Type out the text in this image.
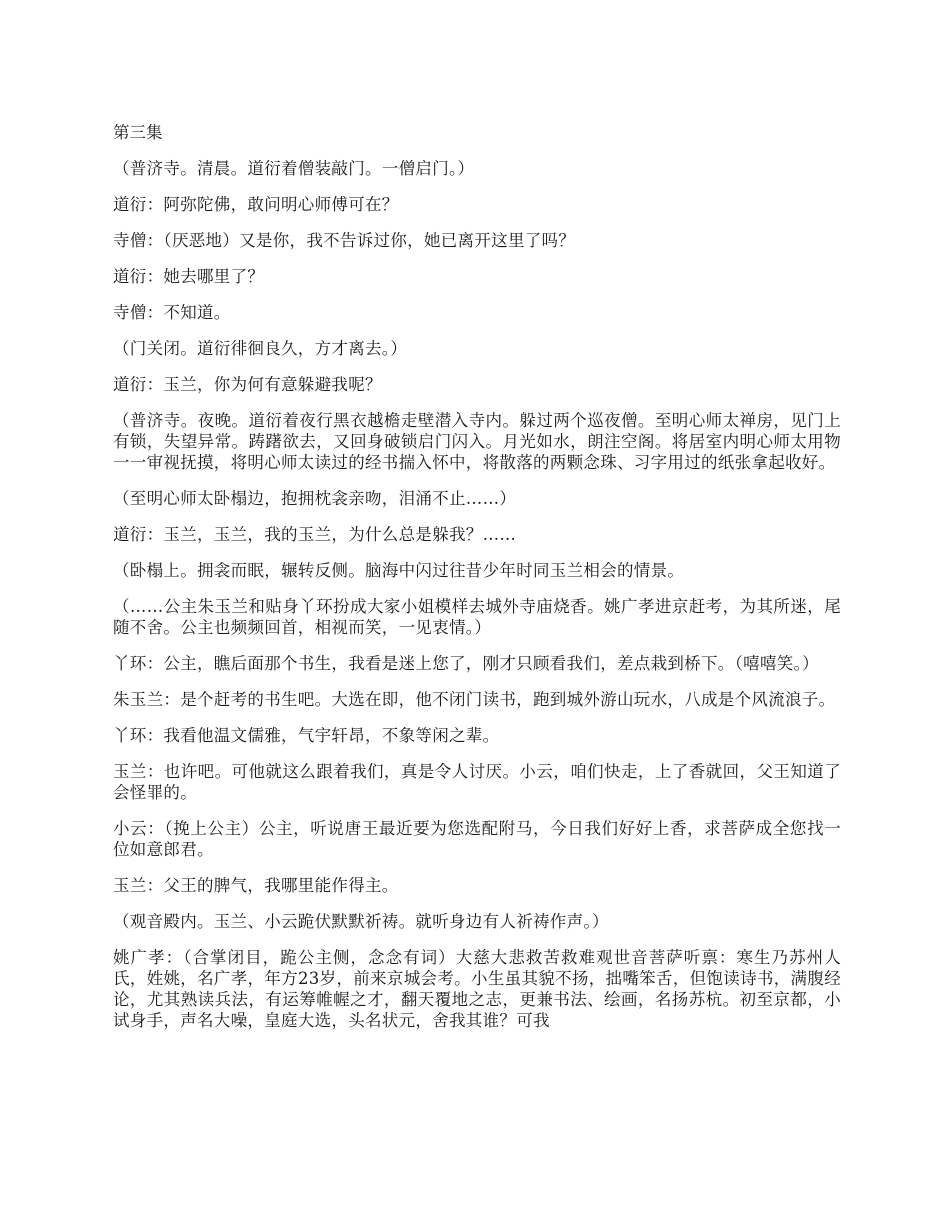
第三集

（普济寺。清晨。道衍着僧装敲门。一僧启门。）

道衍：阿弥陀佛，敢问明心师傅可在？

寺僧：（厌恶地）又是你，我不告诉过你，她已离开这里了吗？

道衍：她去哪里了？

寺僧：不知道。

（门关闭。道衍徘徊良久，方才离去。）

道衍：玉兰，你为何有意躲避我呢？

（普济寺。夜晚。道衍着夜行黑衣越檐走壁潜入寺内。躲过两个巡夜僧。至明心师太禅房，见门上有锁，失望异常。踌躇欲去，又回身破锁启门闪入。月光如水，朗注空阁。将居室内明心师太用物一一审视抚摸，将明心师太读过的经书揣入怀中，将散落的两颗念珠、习字用过的纸张拿起收好。

（至明心师太卧榻边，抱拥枕衾亲吻，泪涌不止……）

道衍：玉兰，玉兰，我的玉兰，为什么总是躲我？……

（卧榻上。拥衾而眠，辗转反侧。脑海中闪过往昔少年时同玉兰相会的情景。

（……公主朱玉兰和贴身丫环扮成大家小姐模样去城外寺庙烧香。姚广孝进京赶考，为其所迷，尾随不舍。公主也频频回首，相视而笑，一见衷情。）

丫环：公主，瞧后面那个书生，我看是迷上您了，刚才只顾看我们，差点栽到桥下。（嘻嘻笑。）

朱玉兰：是个赶考的书生吧。大选在即，他不闭门读书，跑到城外游山玩水，八成是个风流浪子。

丫环：我看他温文儒雅，气宇轩昂，不象等闲之辈。

玉兰：也许吧。可他就这么跟着我们，真是令人讨厌。小云，咱们快走，上了香就回，父王知道了会怪罪的。

小云：（挽上公主）公主，听说唐王最近要为您选配附马，今日我们好好上香，求菩萨成全您找一位如意郎君。

玉兰：父王的脾气，我哪里能作得主。

（观音殿内。玉兰、小云跪伏默默祈祷。就听身边有人祈祷作声。）

姚广孝：（合掌闭目，跪公主侧，念念有词）大慈大悲救苦救难观世音菩萨听禀：寒生乃苏州人氏，姓姚，名广孝，年方23岁，前来京城会考。小生虽其貌不扬，拙嘴笨舌，但饱读诗书，满腹经论，尤其熟读兵法，有运筹帷幄之才，翻天覆地之志，更兼书法、绘画，名扬苏杭。初至京都，小试身手，声名大噪，皇庭大选，头名状元，舍我其谁？可我
